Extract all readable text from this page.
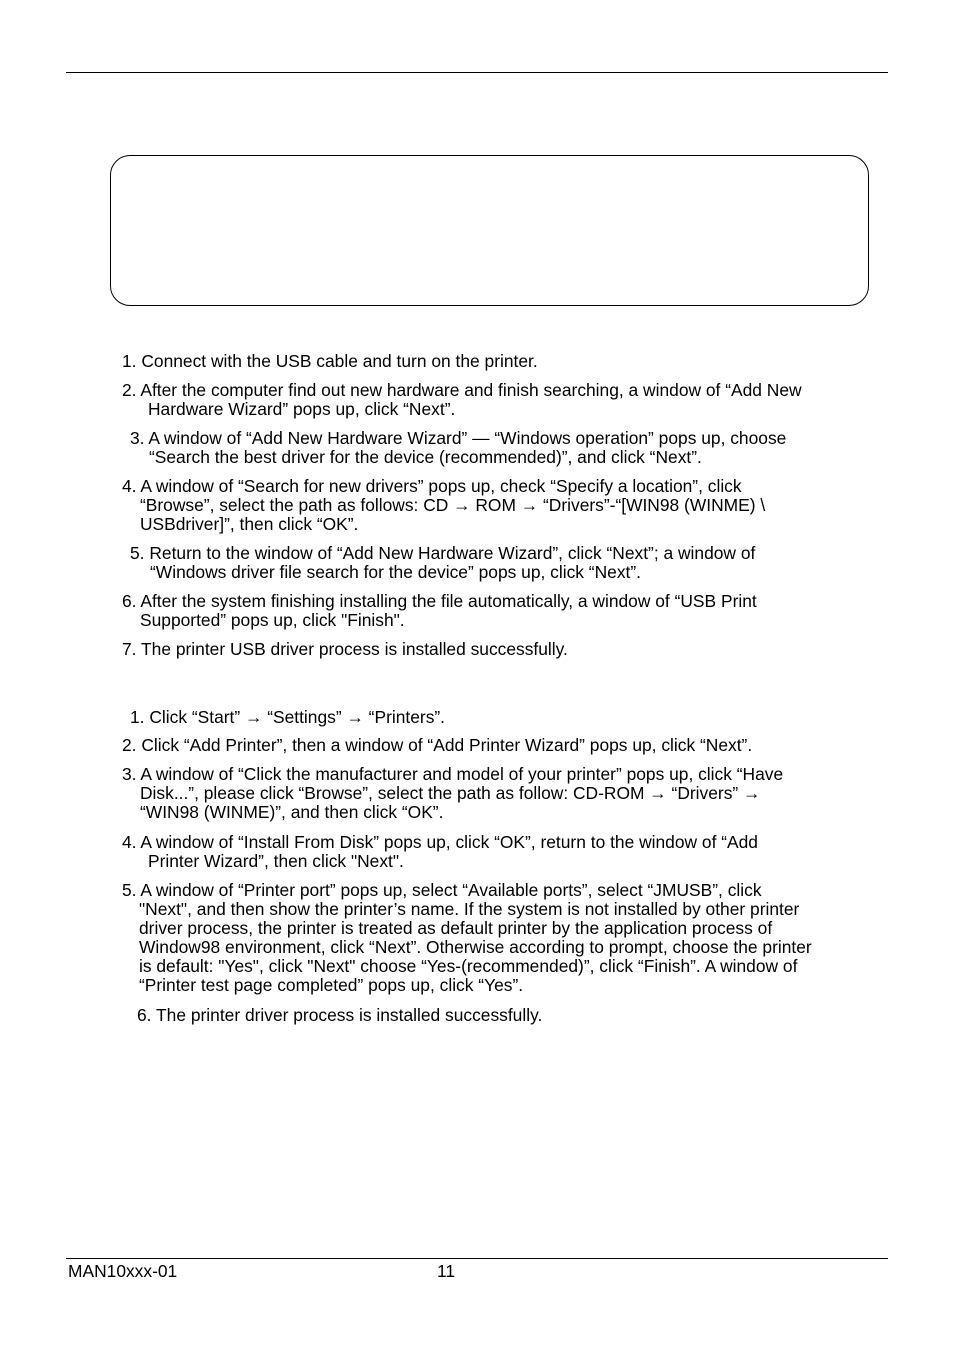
1. Connect with the USB cable and turn on the printer.

2. After the computer find out new hardware and finish searching, a window of “Add New
Hardware Wizard” pops up, click “Next”.

3. A window of “Add New Hardware Wizard” — “Windows operation” pops up, choose
“Search the best driver for the device (recommended)”, and click “Next”.

4. A window of “Search for new drivers” pops up, check “Specify a location”, click
“Browse”, select the path as follows: CD → ROM → “Drivers”-“[WIN98 (WINME) \
USBdriver]”, then click “OK”.

5. Return to the window of “Add New Hardware Wizard”, click “Next”; a window of
“Windows driver file search for the device” pops up, click “Next”.

6. After the system finishing installing the file automatically, a window of “USB Print
Supported” pops up, click "Finish".

7. The printer USB driver process is installed successfully.

1. Click “Start” → “Settings” → “Printers”.

2. Click “Add Printer”, then a window of “Add Printer Wizard” pops up, click “Next”.

3. A window of “Click the manufacturer and model of your printer” pops up, click “Have
Disk...”, please click “Browse”, select the path as follow: CD-ROM → “Drivers” →
“WIN98 (WINME)”, and then click “OK”.

4. A window of “Install From Disk” pops up, click “OK”, return to the window of “Add
Printer Wizard”, then click "Next".

5. A window of “Printer port” pops up, select “Available ports”, select “JMUSB”, click
"Next", and then show the printer’s name. If the system is not installed by other printer
driver process, the printer is treated as default printer by the application process of
Window98 environment, click “Next”. Otherwise according to prompt, choose the printer
is default: "Yes", click "Next" choose “Yes-(recommended)”, click “Finish”. A window of
“Printer test page completed” pops up, click “Yes”.

6. The printer driver process is installed successfully.

MAN10xxx-01	11
